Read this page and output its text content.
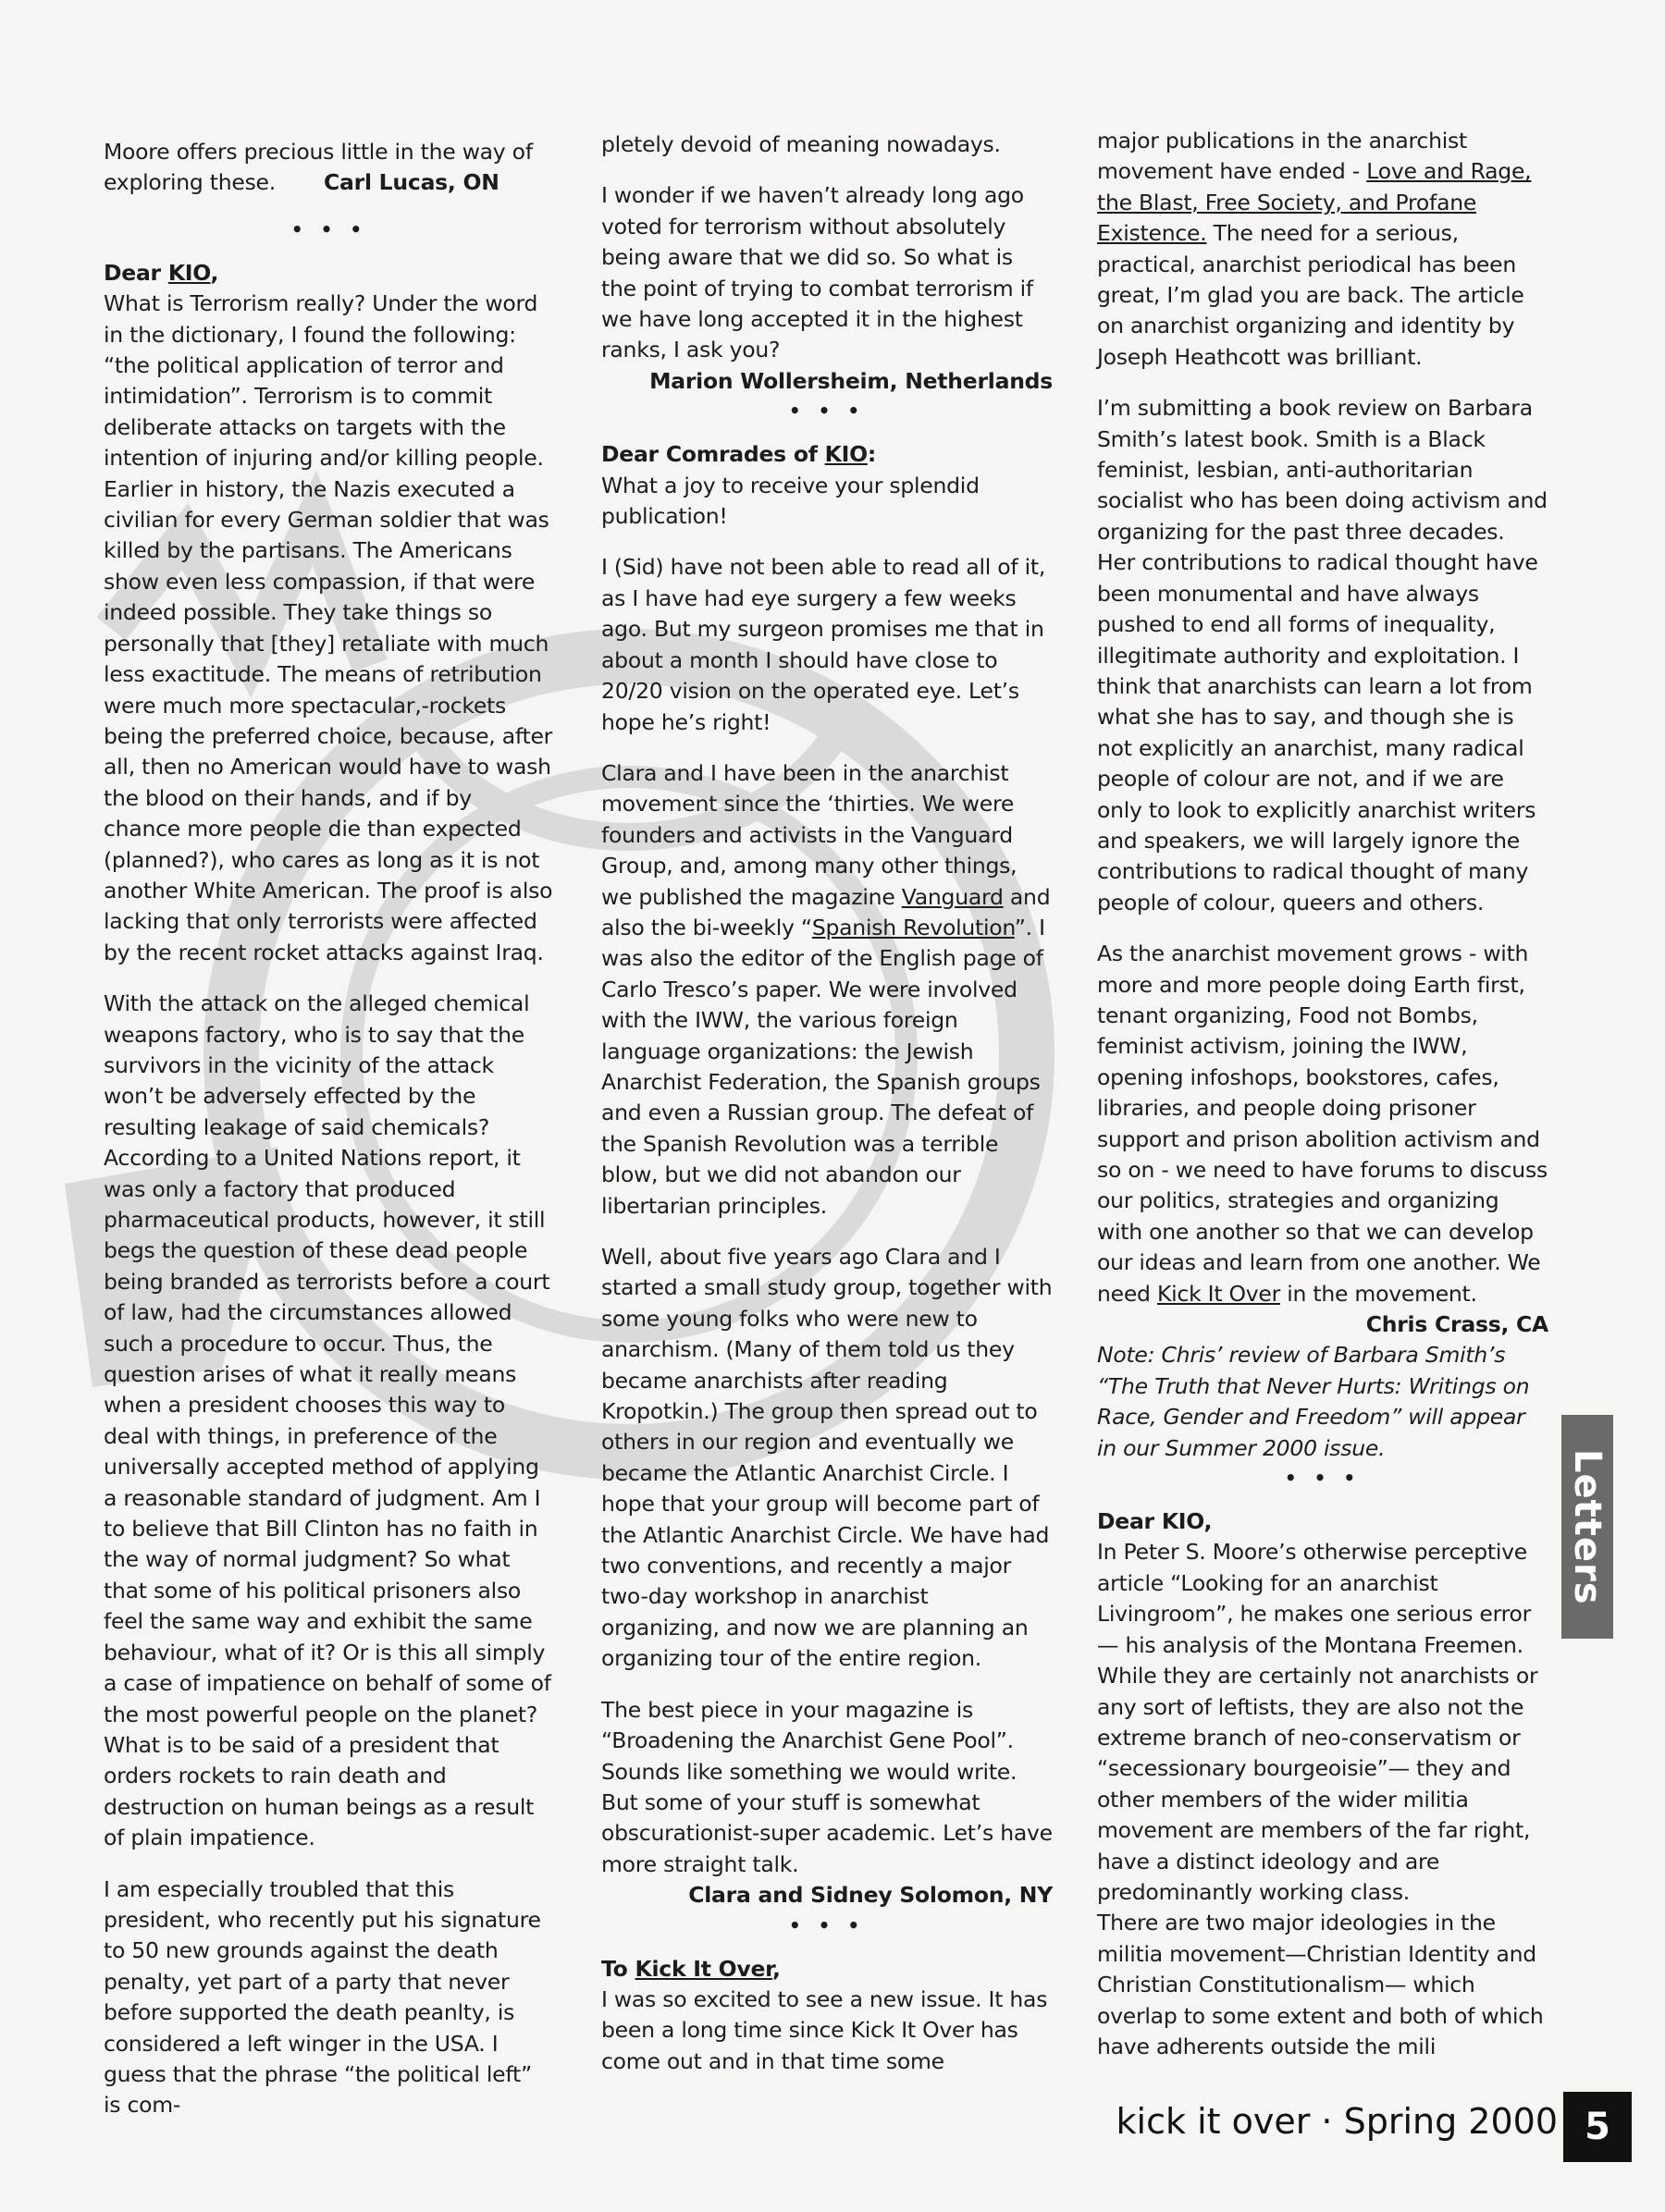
Moore offers precious little in the way of exploring these. Carl Lucas, ON

• • •
Dear KIO,

What is Terrorism really? Under the word in the dictionary, I found the following: “the political application of terror and intimidation”. Terrorism is to commit deliberate attacks on targets with the intention of injuring and/or killing people. Earlier in history, the Nazis executed a civilian for every German soldier that was killed by the partisans. The Americans show even less compassion, if that were indeed possible. They take things so personally that [they] retaliate with much less exactitude. The means of retribution were much more spectacular,-rockets being the preferred choice, because, after all, then no American would have to wash the blood on their hands, and if by chance more people die than expected (planned?), who cares as long as it is not another White American. The proof is also lacking that only terrorists were affected by the recent rocket attacks against Iraq.

With the attack on the alleged chemical weapons factory, who is to say that the survivors in the vicinity of the attack won’t be adversely effected by the resulting leakage of said chemicals? According to a United Nations report, it was only a factory that produced pharmaceutical products, however, it still begs the question of these dead people being branded as terrorists before a court of law, had the circumstances allowed such a procedure to occur. Thus, the question arises of what it really means when a president chooses this way to deal with things, in preference of the universally accepted method of applying a reasonable standard of judgment. Am I to believe that Bill Clinton has no faith in the way of normal judgment? So what that some of his political prisoners also feel the same way and exhibit the same behaviour, what of it? Or is this all simply a case of impatience on behalf of some of the most powerful people on the planet? What is to be said of a president that orders rockets to rain death and destruction on human beings as a result of plain impatience.

I am especially troubled that this president, who recently put his signature to 50 new grounds against the death penalty, yet part of a party that never before supported the death peanlty, is considered a left winger in the USA. I guess that the phrase “the political left” is com-

pletely devoid of meaning nowadays.

I wonder if we haven’t already long ago voted for terrorism without absolutely being aware that we did so. So what is the point of trying to combat terrorism if we have long accepted it in the highest ranks, I ask you?

Marion Wollersheim, Netherlands
• • •
Dear Comrades of KIO:

What a joy to receive your splendid publication!

I (Sid) have not been able to read all of it, as I have had eye surgery a few weeks ago. But my surgeon promises me that in about a month I should have close to 20/20 vision on the operated eye. Let’s hope he’s right!

Clara and I have been in the anarchist movement since the ‘thirties. We were founders and activists in the Vanguard Group, and, among many other things, we published the magazine Vanguard and also the bi-weekly “Spanish Revolution”. I was also the editor of the English page of Carlo Tresco’s paper. We were involved with the IWW, the various foreign language organizations: the Jewish Anarchist Federation, the Spanish groups and even a Russian group. The defeat of the Spanish Revolution was a terrible blow, but we did not abandon our libertarian principles.

Well, about five years ago Clara and I started a small study group, together with some young folks who were new to anarchism. (Many of them told us they became anarchists after reading Kropotkin.) The group then spread out to others in our region and eventually we became the Atlantic Anarchist Circle. I hope that your group will become part of the Atlantic Anarchist Circle. We have had two conventions, and recently a major two-day workshop in anarchist organizing, and now we are planning an organizing tour of the entire region.

The best piece in your magazine is “Broadening the Anarchist Gene Pool”. Sounds like something we would write. But some of your stuff is somewhat obscurationist-super academic. Let’s have more straight talk.

Clara and Sidney Solomon, NY
• • •
To Kick It Over,

I was so excited to see a new issue. It has been a long time since Kick It Over has come out and in that time some

major publications in the anarchist movement have ended - Love and Rage, the Blast, Free Society, and Profane Existence. The need for a serious, practical, anarchist periodical has been great, I’m glad you are back. The article on anarchist organizing and identity by Joseph Heathcott was brilliant.

I’m submitting a book review on Barbara Smith’s latest book. Smith is a Black feminist, lesbian, anti-authoritarian socialist who has been doing activism and organizing for the past three decades. Her contributions to radical thought have been monumental and have always pushed to end all forms of inequality, illegitimate authority and exploitation. I think that anarchists can learn a lot from what she has to say, and though she is not explicitly an anarchist, many radical people of colour are not, and if we are only to look to explicitly anarchist writers and speakers, we will largely ignore the contributions to radical thought of many people of colour, queers and others.

As the anarchist movement grows - with more and more people doing Earth first, tenant organizing, Food not Bombs, feminist activism, joining the IWW, opening infoshops, bookstores, cafes, libraries, and people doing prisoner support and prison abolition activism and so on - we need to have forums to discuss our politics, strategies and organizing with one another so that we can develop our ideas and learn from one another. We need Kick It Over in the movement.

Chris Crass, CA

Note: Chris’ review of Barbara Smith’s “The Truth that Never Hurts: Writings on Race, Gender and Freedom” will appear in our Summer 2000 issue.

• • •
Dear KIO,

In Peter S. Moore’s otherwise perceptive article “Looking for an anarchist Livingroom”, he makes one serious error— his analysis of the Montana Freemen. While they are certainly not anarchists or any sort of leftists, they are also not the extreme branch of neo-conservatism or “secessionary bourgeoisie”— they and other members of the wider militia movement are members of the far right, have a distinct ideology and are predominantly working class.

There are two major ideologies in the militia movement—Christian Identity and Christian Constitutionalism— which overlap to some extent and both of which have adherents outside the mili

Letters
kick it over · Spring 2000 5
